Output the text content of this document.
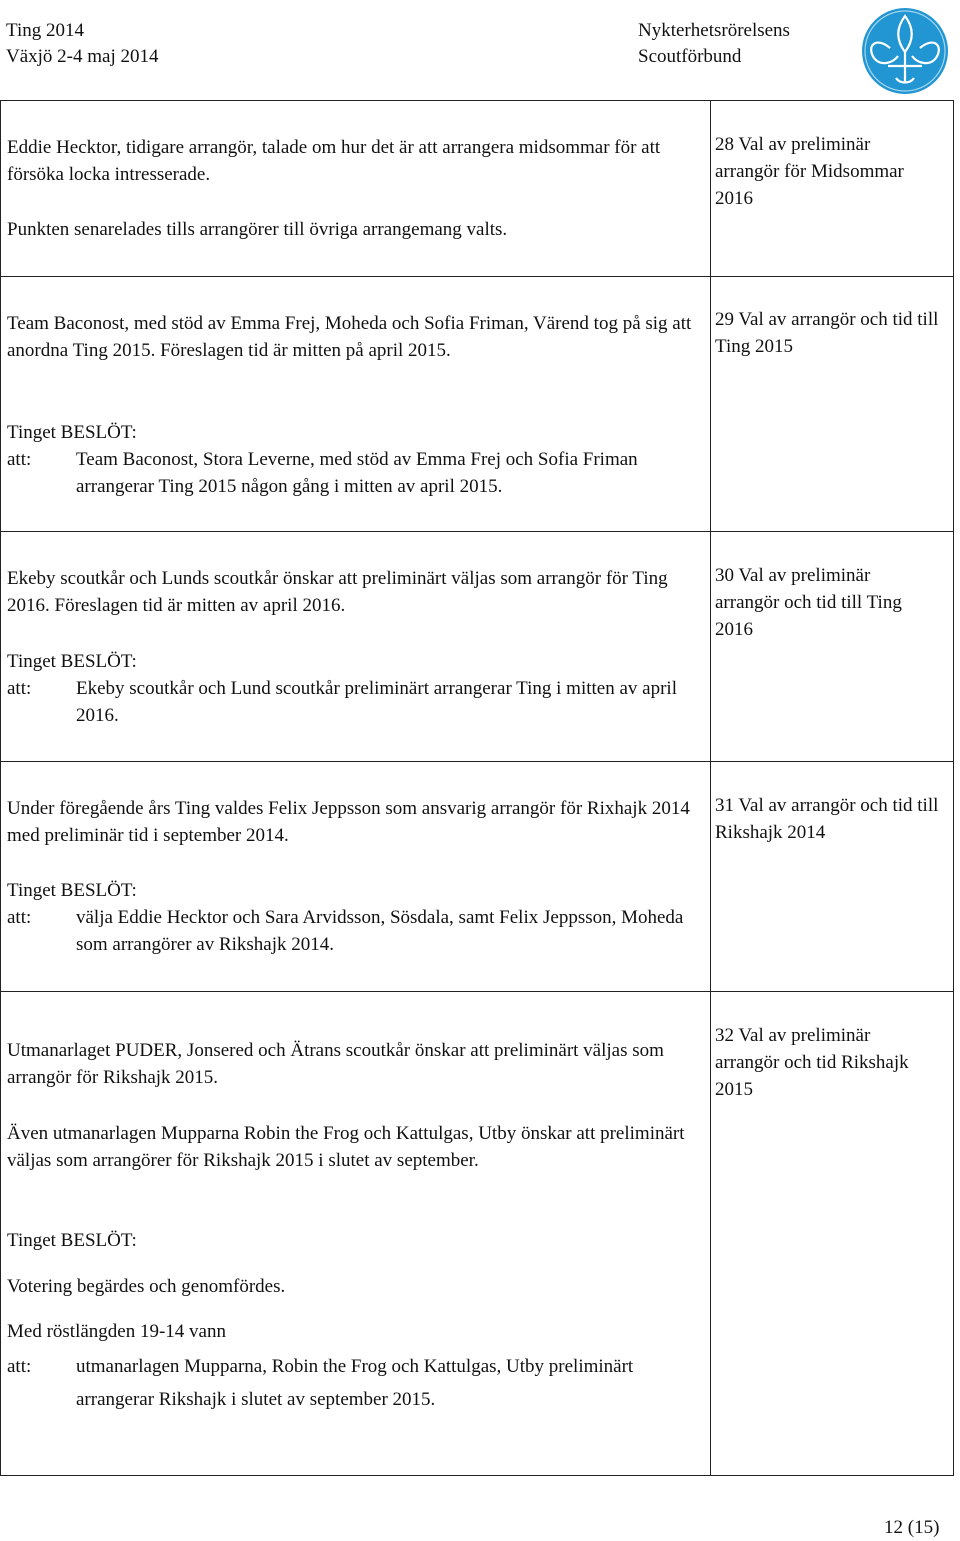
Ting 2014
Växjö 2-4 maj 2014
Nykterhetsrörelsens
Scoutförbund

Eddie Hecktor, tidigare arrangör, talade om hur det är att arrangera midsommar för att försöka locka intresserade.

Punkten senarelades tills arrangörer till övriga arrangemang valts.

28 Val av preliminär arrangör för Midsommar 2016

Team Baconost, med stöd av Emma Frej, Moheda och Sofia Friman, Värend tog på sig att anordna Ting 2015. Föreslagen tid är mitten på april 2015.

Tinget BESLÖT:

att: Team Baconost, Stora Leverne, med stöd av Emma Frej och Sofia Friman arrangerar Ting 2015 någon gång i mitten av april 2015.

29 Val av arrangör och tid till Ting 2015

Ekeby scoutkår och Lunds scoutkår önskar att preliminärt väljas som arrangör för Ting 2016. Föreslagen tid är mitten av april 2016.

Tinget BESLÖT:

att: Ekeby scoutkår och Lund scoutkår preliminärt arrangerar Ting i mitten av april 2016.

30 Val av preliminär arrangör och tid till Ting 2016

Under föregående års Ting valdes Felix Jeppsson som ansvarig arrangör för Rixhajk 2014 med preliminär tid i september 2014.

Tinget BESLÖT:

att: välja Eddie Hecktor och Sara Arvidsson, Sösdala, samt Felix Jeppsson, Moheda som arrangörer av Rikshajk 2014.

31 Val av arrangör och tid till Rikshajk 2014

Utmanarlaget PUDER, Jonsered och Ätrans scoutkår önskar att preliminärt väljas som arrangör för Rikshajk 2015.

Även utmanarlagen Mupparna Robin the Frog och Kattulgas, Utby önskar att preliminärt väljas som arrangörer för Rikshajk 2015 i slutet av september.

Tinget BESLÖT:

Votering begärdes och genomfördes.

Med röstlängden 19-14 vann

att: utmanarlagen Mupparna, Robin the Frog och Kattulgas, Utby preliminärt arrangerar Rikshajk i slutet av september 2015.

32 Val av preliminär arrangör och tid Rikshajk 2015

12 (15)
